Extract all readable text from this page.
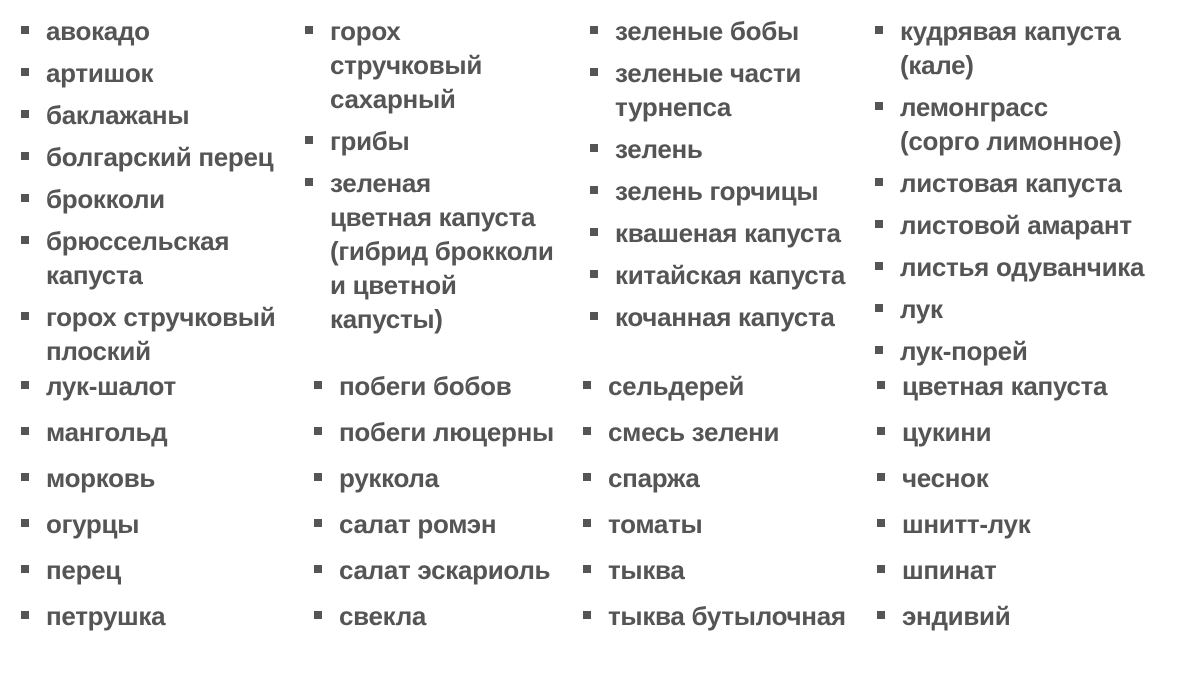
авокадо
артишок
баклажаны
болгарский перец
брокколи
брюссельская
капуста
горох стручковый
плоский
горох
стручковый
сахарный
грибы
зеленая
цветная капуста
(гибрид брокколи
и цветной
капусты)
зеленые бобы
зеленые части
турнепса
зелень
зелень горчицы
квашеная капуста
китайская капуста
кочанная капуста
кудрявая капуста
(кале)
лемонграсс
(сорго лимонное)
листовая капуста
листовой амарант
листья одуванчика
лук
лук-порей
лук-шалот
мангольд
морковь
огурцы
перец
петрушка
побеги бобов
побеги люцерны
руккола
салат ромэн
салат эскариоль
свекла
сельдерей
смесь зелени
спаржа
томаты
тыква
тыква бутылочная
цветная капуста
цукини
чеснок
шнитт-лук
шпинат
эндивий
